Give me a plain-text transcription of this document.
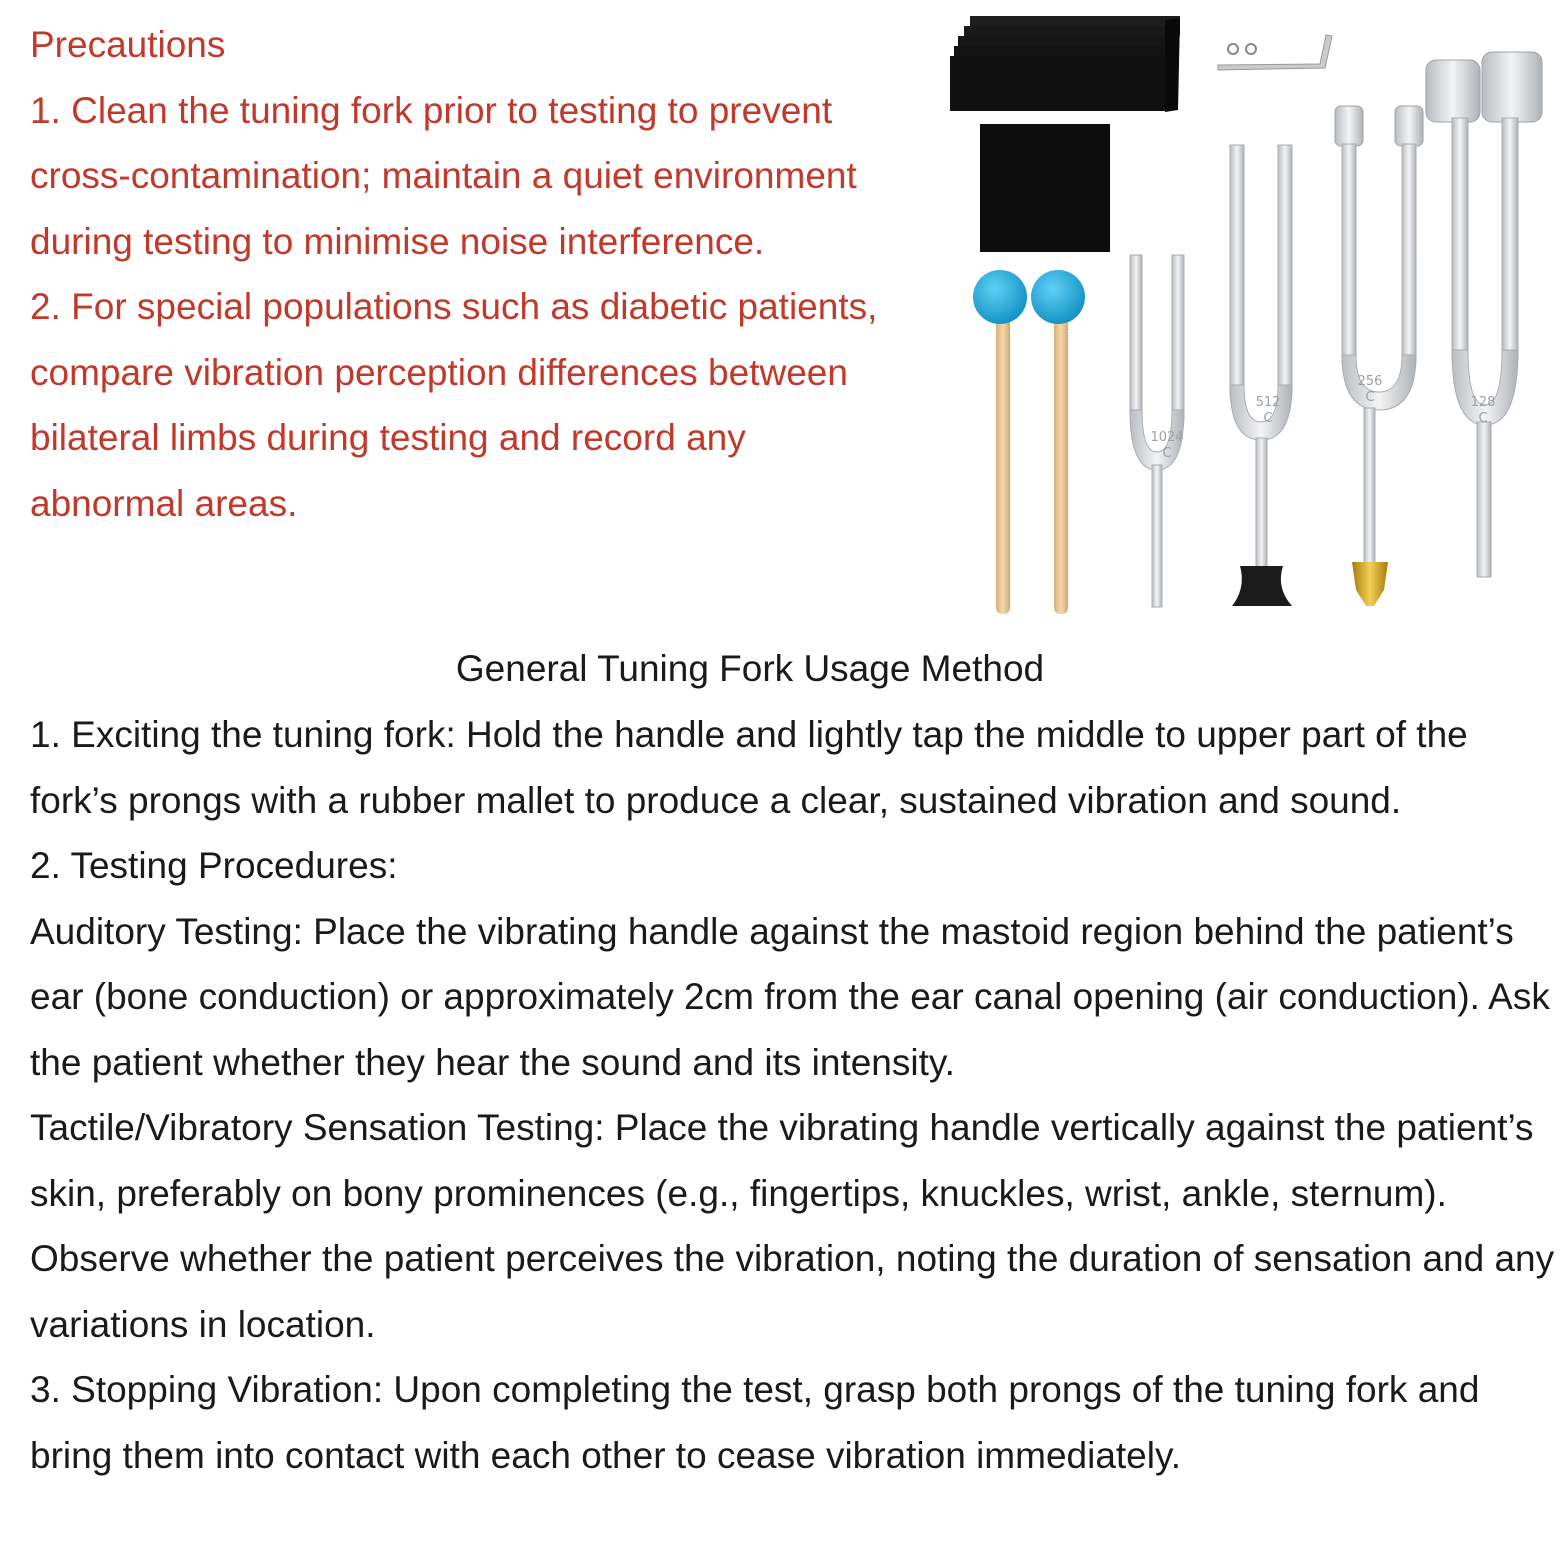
Precautions

1. Clean the tuning fork prior to testing to prevent cross-contamination; maintain a quiet environment during testing to minimise noise interference.

2. For special populations such as diabetic patients, compare vibration perception differences between bilateral limbs during testing and record any abnormal areas.

1024
C
512
C
256
C	128
C
General Tuning Fork Usage Method

1. Exciting the tuning fork: Hold the handle and lightly tap the middle to upper part of the fork’s prongs with a rubber mallet to produce a clear, sustained vibration and sound.

2. Testing Procedures:

Auditory Testing: Place the vibrating handle against the mastoid region behind the patient’s ear (bone conduction) or approximately 2cm from the ear canal opening (air conduction). Ask the patient whether they hear the sound and its intensity.

Tactile/Vibratory Sensation Testing: Place the vibrating handle vertically against the patient’s skin, preferably on bony prominences (e.g., fingertips, knuckles, wrist, ankle, sternum). Observe whether the patient perceives the vibration, noting the duration of sensation and any variations in location.

3. Stopping Vibration: Upon completing the test, grasp both prongs of the tuning fork and bring them into contact with each other to cease vibration immediately.
